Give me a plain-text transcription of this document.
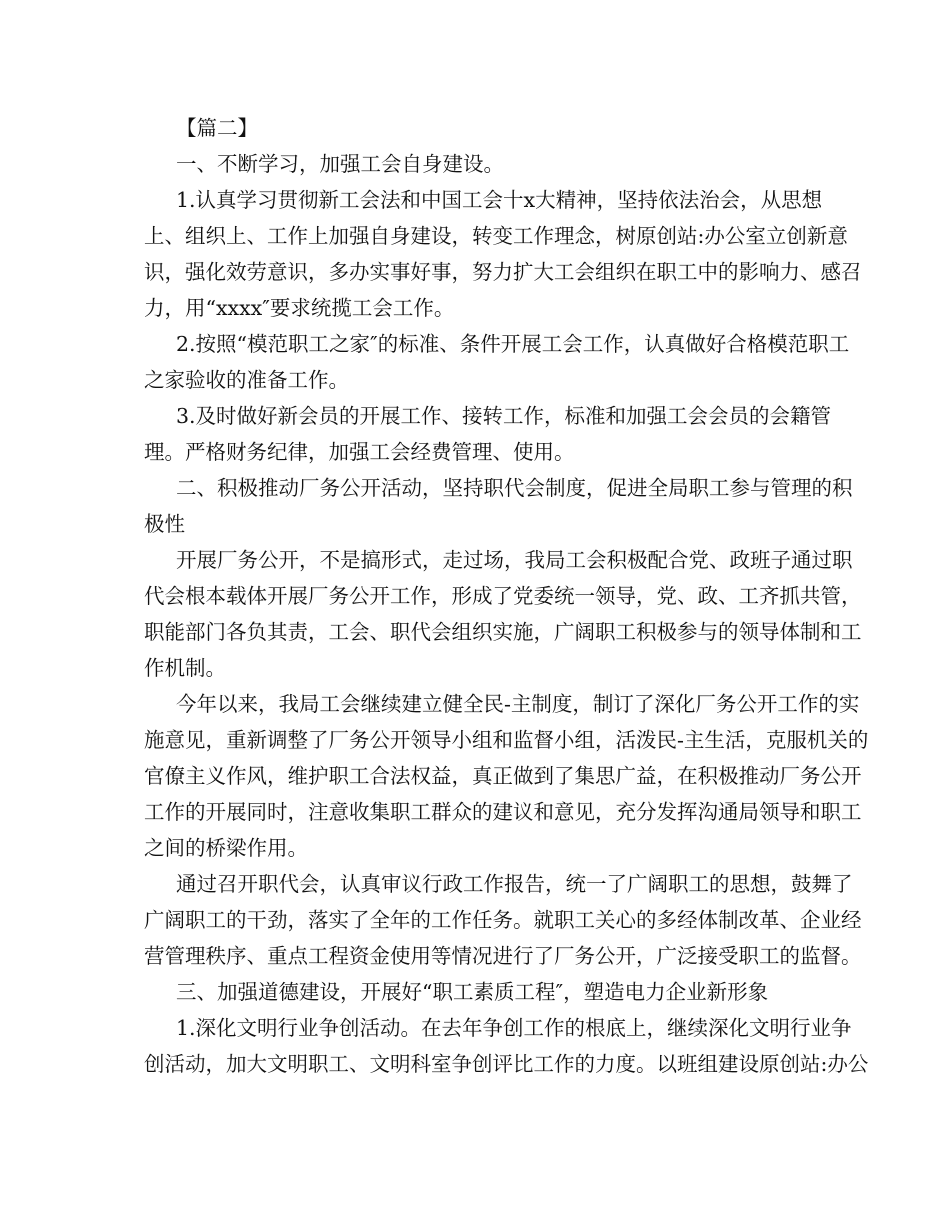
【篇二】
一、不断学习，加强工会自身建设。
1.认真学习贯彻新工会法和中国工会十x大精神，坚持依法治会，从思想
上、组织上、工作上加强自身建设，转变工作理念，树原创站:办公室立创新意
识，强化效劳意识，多办实事好事，努力扩大工会组织在职工中的影响力、感召
力，用“xxxx″要求统揽工会工作。
2.按照“模范职工之家″的标准、条件开展工会工作，认真做好合格模范职工
之家验收的准备工作。
3.及时做好新会员的开展工作、接转工作，标准和加强工会会员的会籍管
理。严格财务纪律，加强工会经费管理、使用。
二、积极推动厂务公开活动，坚持职代会制度，促进全局职工参与管理的积
极性
开展厂务公开，不是搞形式，走过场，我局工会积极配合党、政班子通过职
代会根本载体开展厂务公开工作，形成了党委统一领导，党、政、工齐抓共管，
职能部门各负其责，工会、职代会组织实施，广阔职工积极参与的领导体制和工
作机制。
今年以来，我局工会继续建立健全民-主制度，制订了深化厂务公开工作的实
施意见，重新调整了厂务公开领导小组和监督小组，活泼民-主生活，克服机关的
官僚主义作风，维护职工合法权益，真正做到了集思广益，在积极推动厂务公开
工作的开展同时，注意收集职工群众的建议和意见，充分发挥沟通局领导和职工
之间的桥梁作用。
通过召开职代会，认真审议行政工作报告，统一了广阔职工的思想，鼓舞了
广阔职工的干劲，落实了全年的工作任务。就职工关心的多经体制改革、企业经
营管理秩序、重点工程资金使用等情况进行了厂务公开，广泛接受职工的监督。
三、加强道德建设，开展好“职工素质工程″，塑造电力企业新形象
1.深化文明行业争创活动。在去年争创工作的根底上，继续深化文明行业争
创活动，加大文明职工、文明科室争创评比工作的力度。以班组建设原创站:办公
